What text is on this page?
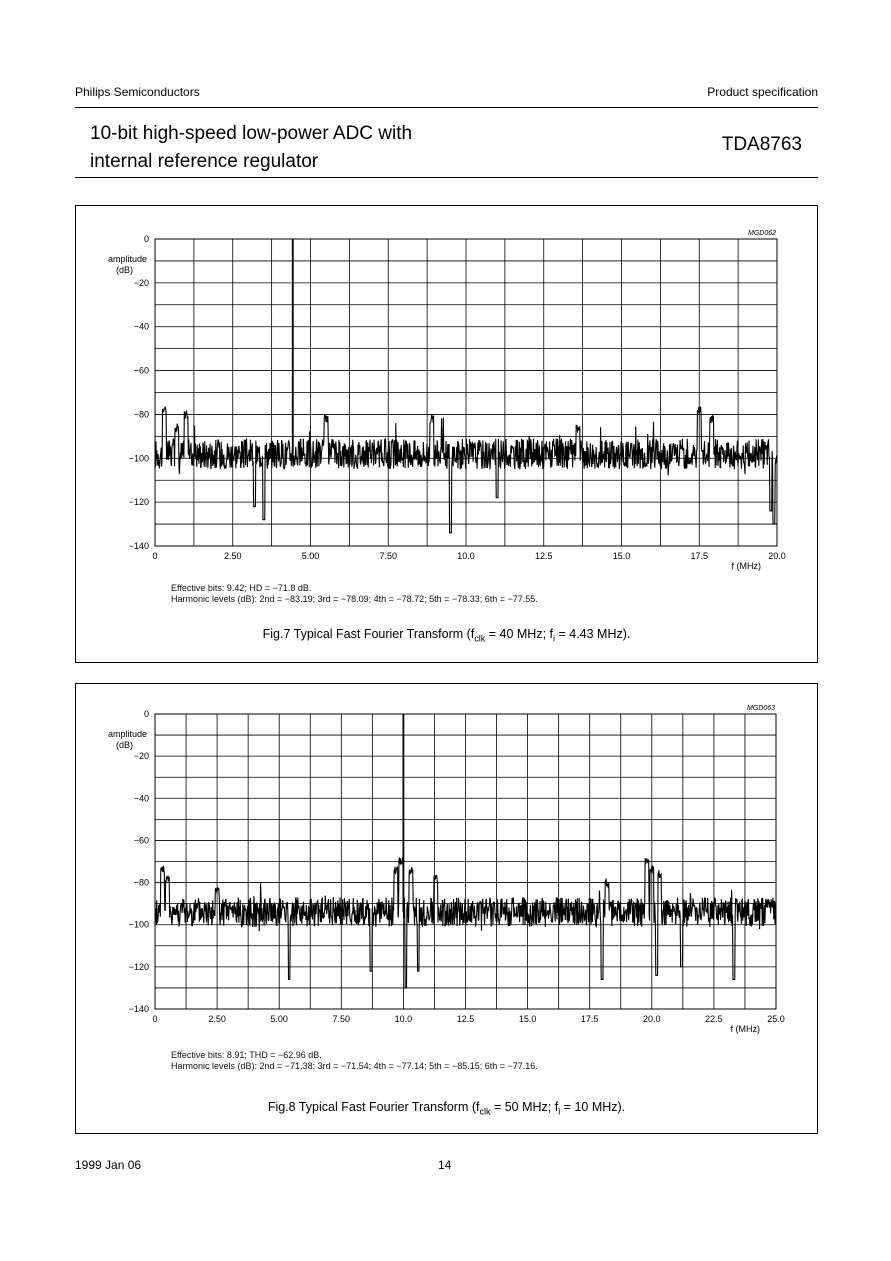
Philips Semiconductors	Product specification
10-bit high-speed low-power ADC with
internal reference regulator
TDA8763
0
−20
−40
−60
−80
−100
−120
−140
0	2.50	5.00	7.50	10.0	12.5	15.0	17.5	20.0
amplitude
(dB)
f (MHz)
MGD062
Effective bits: 9.42; HD = −71.8 dB.
Harmonic levels (dB): 2nd = −83.19; 3rd = −78.09; 4th = −78.72; 5th = −78.33; 6th = −77.55.
Fig.7 Typical Fast Fourier Transform ($f_{clk} = 40$ MHz; $f_i = 4.43$ MHz).
0
−20
−40
−60
−80
−100
−120
−140
0	2.50	5.00	7.50	10.0	12.5	15.0	17.5	20.0	22.5	25.0
amplitude
(dB)
f (MHz)
MGD063
Effective bits: 8.91; THD = −62.96 dB.
Harmonic levels (dB): 2nd = −71.38; 3rd = −71.54; 4th = −77.14; 5th = −85.15; 6th = −77.16.
Fig.8 Typical Fast Fourier Transform ($f_{clk} = 50$ MHz; $f_i = 10$ MHz).
1999 Jan 06	14
